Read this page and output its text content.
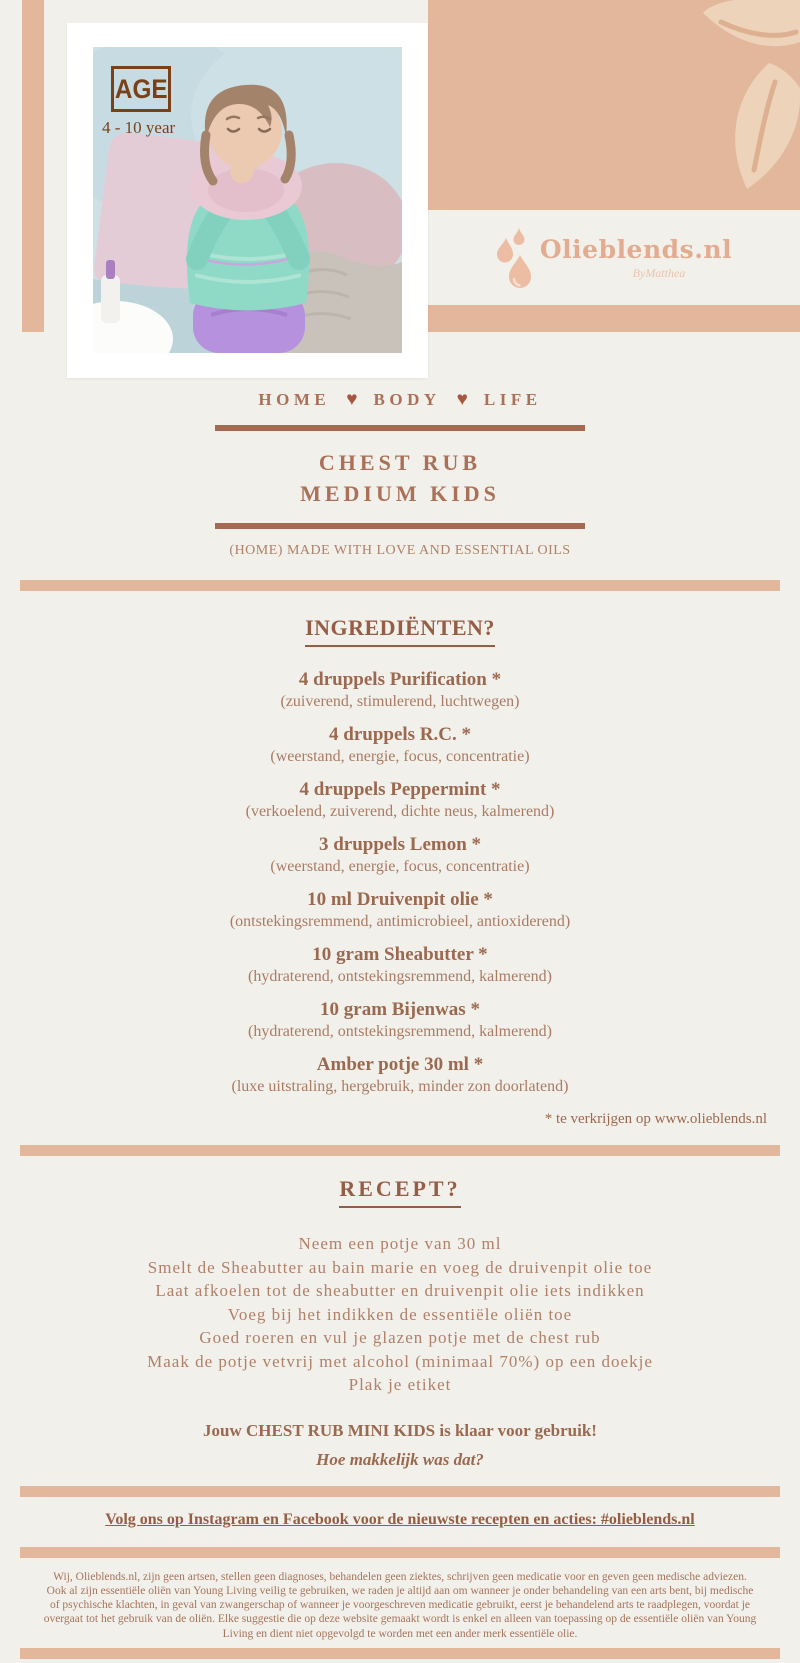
Olieblends.nl
ByMatthea
AGE
4 - 10 year
HOME ♥ BODY ♥ LIFE
CHEST RUB
MEDIUM KIDS
(HOME) MADE WITH LOVE AND ESSENTIAL OILS
INGREDIËNTEN?
4 druppels Purification *
(zuiverend, stimulerend, luchtwegen)
4 druppels R.C. *
(weerstand, energie, focus, concentratie)
4 druppels Peppermint *
(verkoelend, zuiverend, dichte neus, kalmerend)
3 druppels Lemon *
(weerstand, energie, focus, concentratie)
10 ml Druivenpit olie *
(ontstekingsremmend, antimicrobieel, antioxiderend)
10 gram Sheabutter *
(hydraterend, ontstekingsremmend, kalmerend)
10 gram Bijenwas *
(hydraterend, ontstekingsremmend, kalmerend)
Amber potje 30 ml *
(luxe uitstraling, hergebruik, minder zon doorlatend)
* te verkrijgen op www.olieblends.nl
RECEPT?
Neem een potje van 30 ml
Smelt de Sheabutter au bain marie en voeg de druivenpit olie toe
Laat afkoelen tot de sheabutter en druivenpit olie iets indikken
Voeg bij het indikken de essentiële oliën toe
Goed roeren en vul je glazen potje met de chest rub
Maak de potje vetvrij met alcohol (minimaal 70%) op een doekje
Plak je etiket
Jouw CHEST RUB MINI KIDS is klaar voor gebruik!
Hoe makkelijk was dat?
Volg ons op Instagram en Facebook voor de nieuwste recepten en acties: #olieblends.nl
Wij, Olieblends.nl, zijn geen artsen, stellen geen diagnoses, behandelen geen ziektes, schrijven geen medicatie voor en geven geen medische adviezen. Ook al zijn essentiële oliën van Young Living veilig te gebruiken, we raden je altijd aan om wanneer je onder behandeling van een arts bent, bij medische of psychische klachten, in geval van zwangerschap of wanneer je voorgeschreven medicatie gebruikt, eerst je behandelend arts te raadplegen, voordat je overgaat tot het gebruik van de oliën. Elke suggestie die op deze website gemaakt wordt is enkel en alleen van toepassing op de essentiële oliën van Young Living en dient niet opgevolgd te worden met een ander merk essentiële olie.
